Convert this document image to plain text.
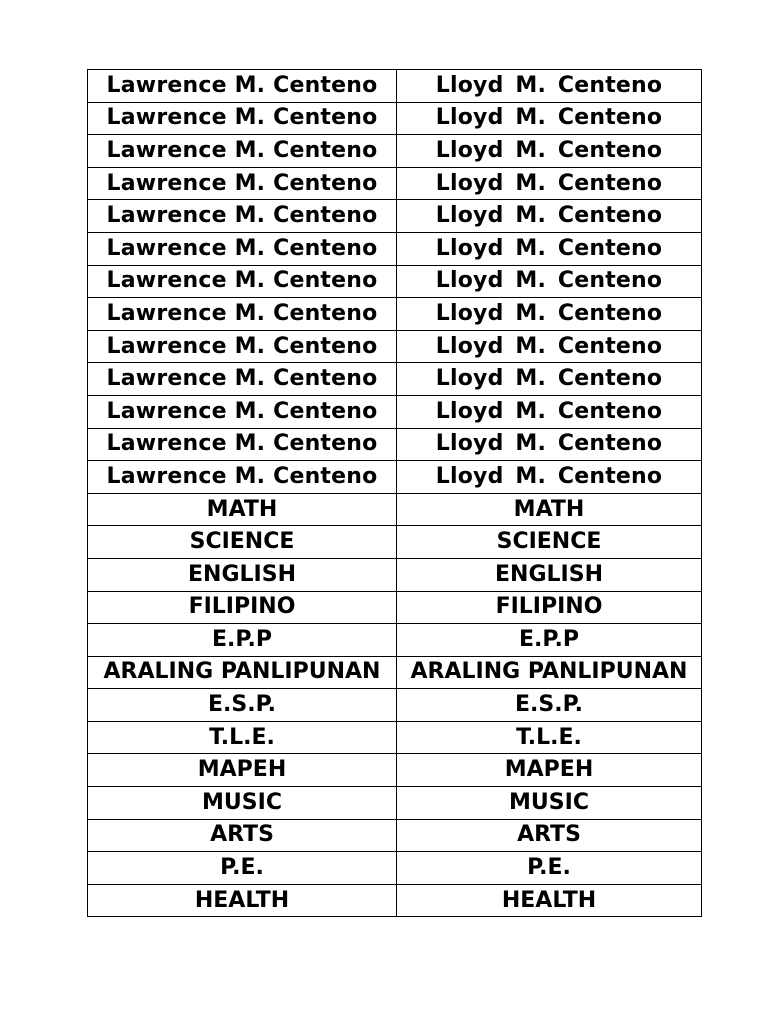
Lawrence M. Centeno	Lloyd M. Centeno
Lawrence M. Centeno	Lloyd M. Centeno
Lawrence M. Centeno	Lloyd M. Centeno
Lawrence M. Centeno	Lloyd M. Centeno
Lawrence M. Centeno	Lloyd M. Centeno
Lawrence M. Centeno	Lloyd M. Centeno
Lawrence M. Centeno	Lloyd M. Centeno
Lawrence M. Centeno	Lloyd M. Centeno
Lawrence M. Centeno	Lloyd M. Centeno
Lawrence M. Centeno	Lloyd M. Centeno
Lawrence M. Centeno	Lloyd M. Centeno
Lawrence M. Centeno	Lloyd M. Centeno
Lawrence M. Centeno	Lloyd M. Centeno
MATH	MATH
SCIENCE	SCIENCE
ENGLISH	ENGLISH
FILIPINO	FILIPINO
E.P.P	E.P.P
ARALING PANLIPUNAN	ARALING PANLIPUNAN
E.S.P.	E.S.P.
T.L.E.	T.L.E.
MAPEH	MAPEH
MUSIC	MUSIC
ARTS	ARTS
P.E.	P.E.
HEALTH	HEALTH
